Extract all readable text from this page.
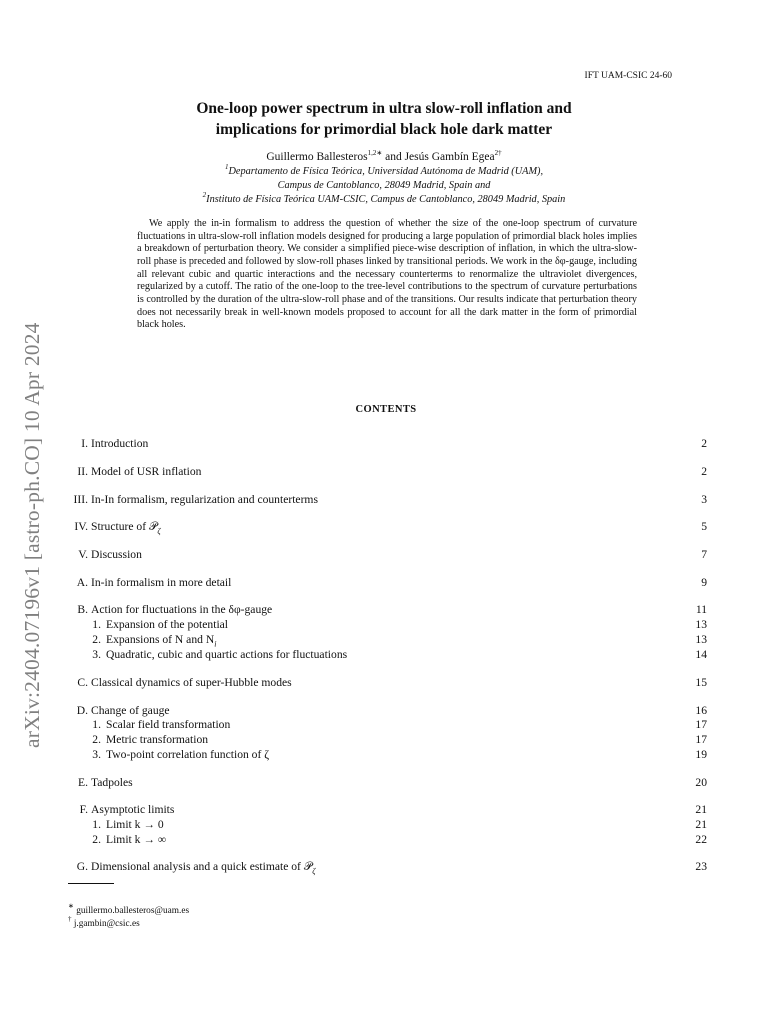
arXiv:2404.07196v1 [astro-ph.CO] 10 Apr 2024
IFT UAM-CSIC 24-60
One-loop power spectrum in ultra slow-roll inflation and
implications for primordial black hole dark matter
Guillermo Ballesteros$^{1,2∗}$ and Jesús Gambín Egea$^{2\dagger}$
$^1$Departamento de Física Teórica, Universidad Autónoma de Madrid (UAM),
Campus de Cantoblanco, 28049 Madrid, Spain and
$^2$Instituto de Física Teórica UAM-CSIC, Campus de Cantoblanco, 28049 Madrid, Spain

We apply the in-in formalism to address the question of whether the size of the one-loop spectrum of curvature fluctuations in ultra-slow-roll inflation models designed for producing a large population of primordial black holes implies a breakdown of perturbation theory. We consider a simplified piece-wise description of inflation, in which the ultra-slow-roll phase is preceded and followed by slow-roll phases linked by transitional periods. We work in the δφ-gauge, including all relevant cubic and quartic interactions and the necessary counterterms to renormalize the ultraviolet divergences, regularized by a cutoff. The ratio of the one-loop to the tree-level contributions to the spectrum of curvature perturbations is controlled by the duration of the ultra-slow-roll phase and of the transitions. Our results indicate that perturbation theory does not necessarily break in well-known models proposed to account for all the dark matter in the form of primordial black holes.

CONTENTS
I. Introduction	2
II. Model of USR inflation	2
III. In-In formalism, regularization and counterterms	3
IV. Structure of 𝒫$_\zeta$	5
V. Discussion	7
A. In-in formalism in more detail	9
B. Action for fluctuations in the δφ-gauge	11
1. Expansion of the potential	13
2. Expansions of N and $N_i$	13
3. Quadratic, cubic and quartic actions for fluctuations	14
C. Classical dynamics of super-Hubble modes	15
D. Change of gauge	16
1. Scalar field transformation	17
2. Metric transformation	17
3. Two-point correlation function of ζ	19
E. Tadpoles	20
F. Asymptotic limits	21
1. Limit k → 0	21
2. Limit k → ∞	22
G. Dimensional analysis and a quick estimate of 𝒫$_\zeta$	23
∗ guillermo.ballesteros@uam.es
† j.gambin@csic.es
